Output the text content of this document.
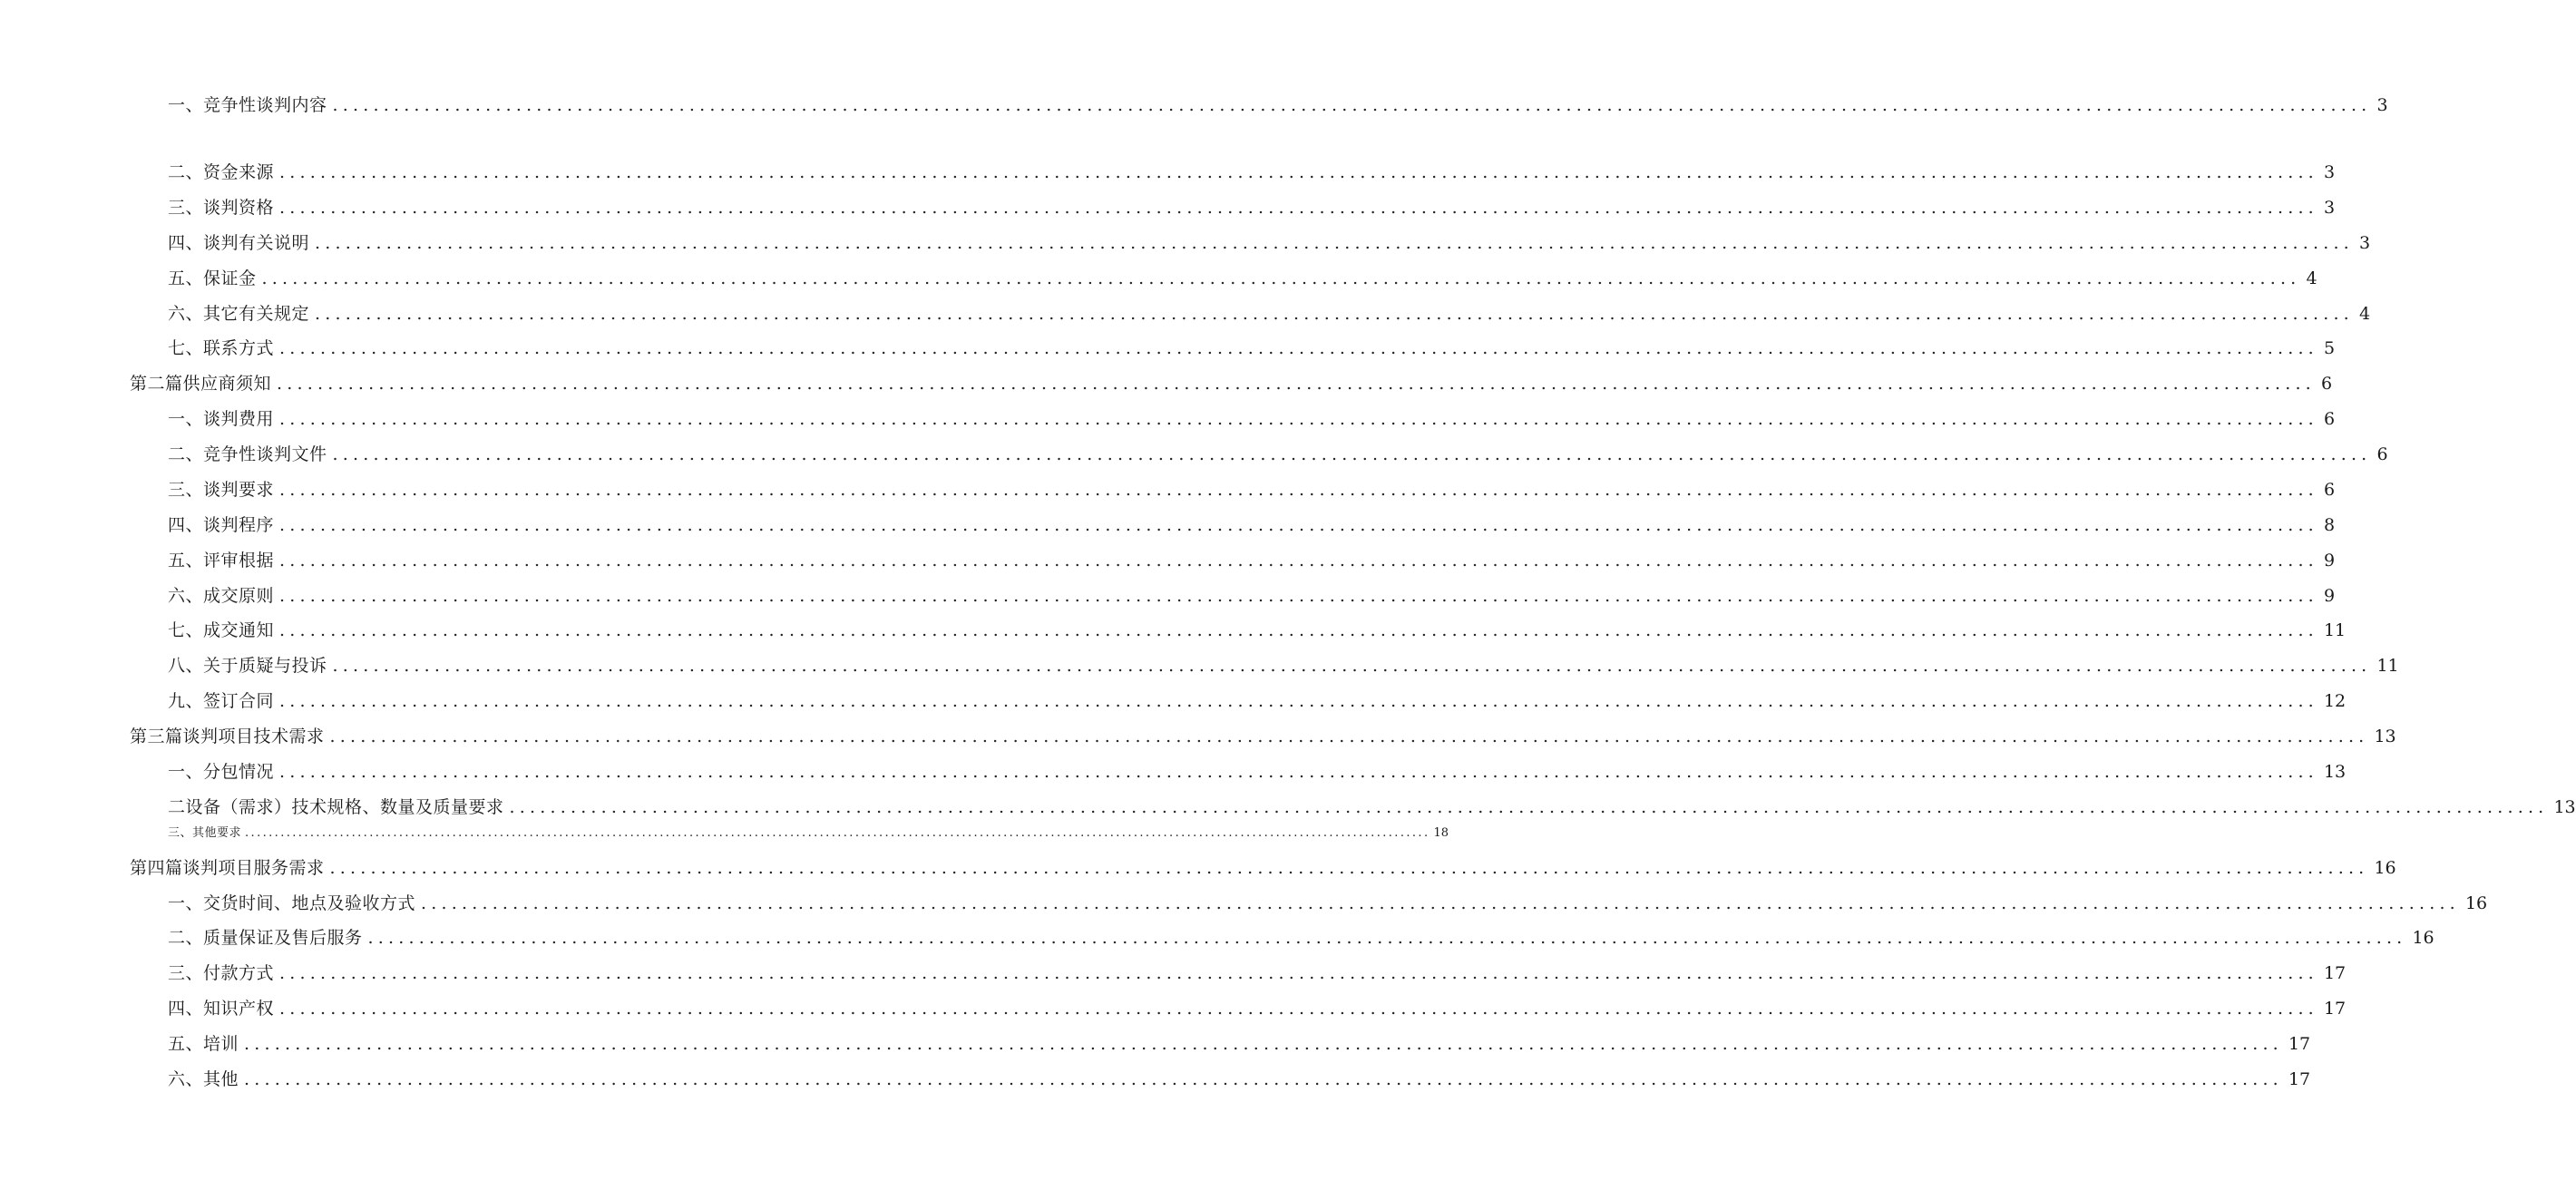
一、竞争性谈判内容 ........................................................................................................................................................................................................ 3
二、资金来源 ........................................................................................................................................................................................................ 3
三、谈判资格 ........................................................................................................................................................................................................ 3
四、谈判有关说明 ........................................................................................................................................................................................................ 3
五、保证金 ........................................................................................................................................................................................................ 4
六、其它有关规定 ........................................................................................................................................................................................................ 4
七、联系方式 ........................................................................................................................................................................................................ 5
第二篇供应商须知 ........................................................................................................................................................................................................ 6
一、谈判费用 ........................................................................................................................................................................................................ 6
二、竞争性谈判文件 ........................................................................................................................................................................................................ 6
三、谈判要求 ........................................................................................................................................................................................................ 6
四、谈判程序 ........................................................................................................................................................................................................ 8
五、评审根据 ........................................................................................................................................................................................................ 9
六、成交原则 ........................................................................................................................................................................................................ 9
七、成交通知 ........................................................................................................................................................................................................ 11
八、关于质疑与投诉 ........................................................................................................................................................................................................ 11
九、签订合同 ........................................................................................................................................................................................................ 12
第三篇谈判项目技术需求 ........................................................................................................................................................................................................ 13
一、分包情况 ........................................................................................................................................................................................................ 13
二设备（需求）技术规格、数量及质量要求 ........................................................................................................................................................................................................ 13
三、其他要求 ........................................................................................................................................................................................................ 18
第四篇谈判项目服务需求 ........................................................................................................................................................................................................ 16
一、交货时间、地点及验收方式 ........................................................................................................................................................................................................ 16
二、质量保证及售后服务 ........................................................................................................................................................................................................ 16
三、付款方式 ........................................................................................................................................................................................................ 17
四、知识产权 ........................................................................................................................................................................................................ 17
五、培训 ........................................................................................................................................................................................................ 17
六、其他 ........................................................................................................................................................................................................ 17
